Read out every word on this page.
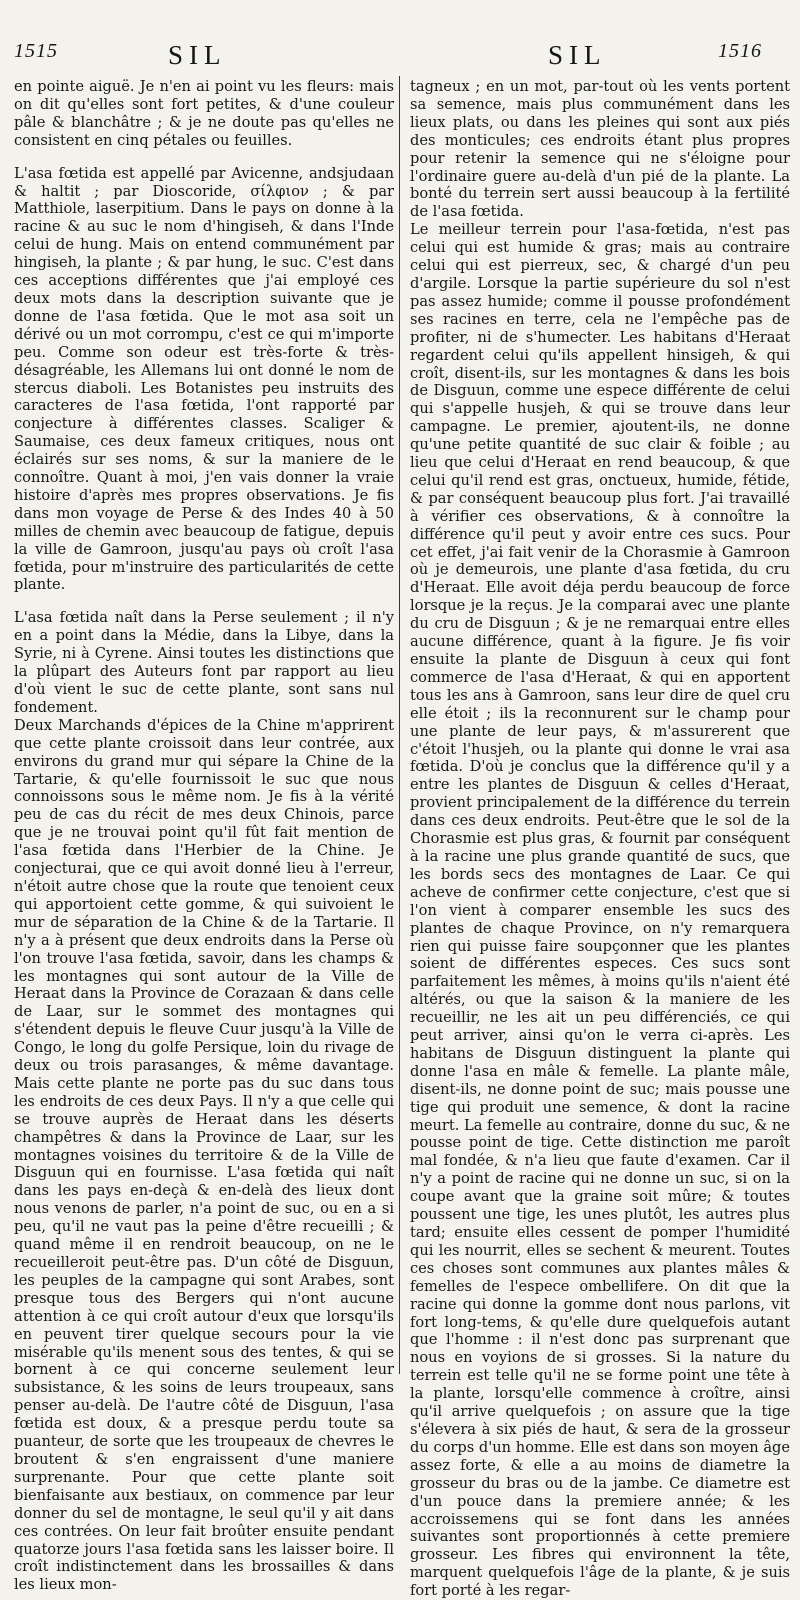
1515	SIL	SIL	1516

en pointe aiguë. Je n'en ai point vu les fleurs: mais on dit qu'elles sont fort petites, & d'une couleur pâle & blanchâtre ; & je ne doute pas qu'elles ne consistent en cinq pétales ou feuilles.

L'asa fœtida est appellé par Avicenne, andsjudaan & haltit ; par Dioscoride, σίλφιον ; & par Matthiole, laserpitium. Dans le pays on donne à la racine & au suc le nom d'hingiseh, & dans l'Inde celui de hung. Mais on entend communément par hingiseh, la plante ; & par hung, le suc. C'est dans ces acceptions différentes que j'ai employé ces deux mots dans la description suivante que je donne de l'asa fœtida. Que le mot asa soit un dérivé ou un mot corrompu, c'est ce qui m'importe peu. Comme son odeur est très-forte & très-désagréable, les Allemans lui ont donné le nom de stercus diaboli. Les Botanistes peu instruits des caracteres de l'asa fœtida, l'ont rapporté par conjecture à différentes classes. Scaliger & Saumaise, ces deux fameux critiques, nous ont éclairés sur ses noms, & sur la maniere de le connoître. Quant à moi, j'en vais donner la vraie histoire d'après mes propres observations. Je fis dans mon voyage de Perse & des Indes 40 à 50 milles de chemin avec beaucoup de fatigue, depuis la ville de Gamroon, jusqu'au pays où croît l'asa fœtida, pour m'instruire des particularités de cette plante.

L'asa fœtida naît dans la Perse seulement ; il n'y en a point dans la Médie, dans la Libye, dans la Syrie, ni à Cyrene. Ainsi toutes les distinctions que la plûpart des Auteurs font par rapport au lieu d'où vient le suc de cette plante, sont sans nul fondement.

Deux Marchands d'épices de la Chine m'apprirent que cette plante croissoit dans leur contrée, aux environs du grand mur qui sépare la Chine de la Tartarie, & qu'elle fournissoit le suc que nous connoissons sous le même nom. Je fis à la vérité peu de cas du récit de mes deux Chinois, parce que je ne trouvai point qu'il fût fait mention de l'asa fœtida dans l'Herbier de la Chine. Je conjecturai, que ce qui avoit donné lieu à l'erreur, n'étoit autre chose que la route que tenoient ceux qui apportoient cette gomme, & qui suivoient le mur de séparation de la Chine & de la Tartarie. Il n'y a à présent que deux endroits dans la Perse où l'on trouve l'asa fœtida, savoir, dans les champs & les montagnes qui sont autour de la Ville de Heraat dans la Province de Corazaan & dans celle de Laar, sur le sommet des montagnes qui s'étendent depuis le fleuve Cuur jusqu'à la Ville de Congo, le long du golfe Persique, loin du rivage de deux ou trois parasanges, & même davantage. Mais cette plante ne porte pas du suc dans tous les endroits de ces deux Pays. Il n'y a que celle qui se trouve auprès de Heraat dans les déserts champêtres & dans la Province de Laar, sur les montagnes voisines du territoire & de la Ville de Disguun qui en fournisse. L'asa fœtida qui naît dans les pays en-deçà & en-delà des lieux dont nous venons de parler, n'a point de suc, ou en a si peu, qu'il ne vaut pas la peine d'être recueilli ; & quand même il en rendroit beaucoup, on ne le recueilleroit peut-être pas. D'un côté de Disguun, les peuples de la campagne qui sont Arabes, sont presque tous des Bergers qui n'ont aucune attention à ce qui croît autour d'eux que lorsqu'ils en peuvent tirer quelque secours pour la vie misérable qu'ils menent sous des tentes, & qui se bornent à ce qui concerne seulement leur subsistance, & les soins de leurs troupeaux, sans penser au-delà. De l'autre côté de Disguun, l'asa fœtida est doux, & a presque perdu toute sa puanteur, de sorte que les troupeaux de chevres le broutent & s'en engraissent d'une maniere surprenante. Pour que cette plante soit bienfaisante aux bestiaux, on commence par leur donner du sel de montagne, le seul qu'il y ait dans ces contrées. On leur fait broûter ensuite pendant quatorze jours l'asa fœtida sans les laisser boire. Il croît indistinctement dans les brossailles & dans les lieux mon-

tagneux ; en un mot, par-tout où les vents portent sa semence, mais plus communément dans les lieux plats, ou dans les pleines qui sont aux piés des monticules; ces endroits étant plus propres pour retenir la semence qui ne s'éloigne pour l'ordinaire guere au-delà d'un pié de la plante. La bonté du terrein sert aussi beaucoup à la fertilité de l'asa fœtida.

Le meilleur terrein pour l'asa-fœtida, n'est pas celui qui est humide & gras; mais au contraire celui qui est pierreux, sec, & chargé d'un peu d'argile. Lorsque la partie supérieure du sol n'est pas assez humide; comme il pousse profondément ses racines en terre, cela ne l'empêche pas de profiter, ni de s'humecter. Les habitans d'Heraat regardent celui qu'ils appellent hinsigeh, & qui croît, disent-ils, sur les montagnes & dans les bois de Disguun, comme une espece différente de celui qui s'appelle husjeh, & qui se trouve dans leur campagne. Le premier, ajoutent-ils, ne donne qu'une petite quantité de suc clair & foible ; au lieu que celui d'Heraat en rend beaucoup, & que celui qu'il rend est gras, onctueux, humide, fétide, & par conséquent beaucoup plus fort. J'ai travaillé à vérifier ces observations, & à connoître la différence qu'il peut y avoir entre ces sucs. Pour cet effet, j'ai fait venir de la Chorasmie à Gamroon où je demeurois, une plante d'asa fœtida, du cru d'Heraat. Elle avoit déja perdu beaucoup de force lorsque je la reçus. Je la comparai avec une plante du cru de Disguun ; & je ne remarquai entre elles aucune différence, quant à la figure. Je fis voir ensuite la plante de Disguun à ceux qui font commerce de l'asa d'Heraat, & qui en apportent tous les ans à Gamroon, sans leur dire de quel cru elle étoit ; ils la reconnurent sur le champ pour une plante de leur pays, & m'assurerent que c'étoit l'husjeh, ou la plante qui donne le vrai asa fœtida. D'où je conclus que la différence qu'il y a entre les plantes de Disguun & celles d'Heraat, provient principalement de la différence du terrein dans ces deux endroits. Peut-être que le sol de la Chorasmie est plus gras, & fournit par conséquent à la racine une plus grande quantité de sucs, que les bords secs des montagnes de Laar. Ce qui acheve de confirmer cette conjecture, c'est que si l'on vient à comparer ensemble les sucs des plantes de chaque Province, on n'y remarquera rien qui puisse faire soupçonner que les plantes soient de différentes especes. Ces sucs sont parfaitement les mêmes, à moins qu'ils n'aient été altérés, ou que la saison & la maniere de les recueillir, ne les ait un peu différenciés, ce qui peut arriver, ainsi qu'on le verra ci-après. Les habitans de Disguun distinguent la plante qui donne l'asa en mâle & femelle. La plante mâle, disent-ils, ne donne point de suc; mais pousse une tige qui produit une semence, & dont la racine meurt. La femelle au contraire, donne du suc, & ne pousse point de tige. Cette distinction me paroît mal fondée, & n'a lieu que faute d'examen. Car il n'y a point de racine qui ne donne un suc, si on la coupe avant que la graine soit mûre; & toutes poussent une tige, les unes plutôt, les autres plus tard; ensuite elles cessent de pomper l'humidité qui les nourrit, elles se sechent & meurent. Toutes ces choses sont communes aux plantes mâles & femelles de l'espece ombellifere. On dit que la racine qui donne la gomme dont nous parlons, vit fort long-tems, & qu'elle dure quelquefois autant que l'homme : il n'est donc pas surprenant que nous en voyions de si grosses. Si la nature du terrein est telle qu'il ne se forme point une tête à la plante, lorsqu'elle commence à croître, ainsi qu'il arrive quelquefois ; on assure que la tige s'élevera à six piés de haut, & sera de la grosseur du corps d'un homme. Elle est dans son moyen âge assez forte, & elle a au moins de diametre la grosseur du bras ou de la jambe. Ce diametre est d'un pouce dans la premiere année; & les accroissemens qui se font dans les années suivantes sont proportionnés à cette premiere grosseur. Les fibres qui environnent la tête, marquent quelquefois l'âge de la plante, & je suis fort porté à les regar-
